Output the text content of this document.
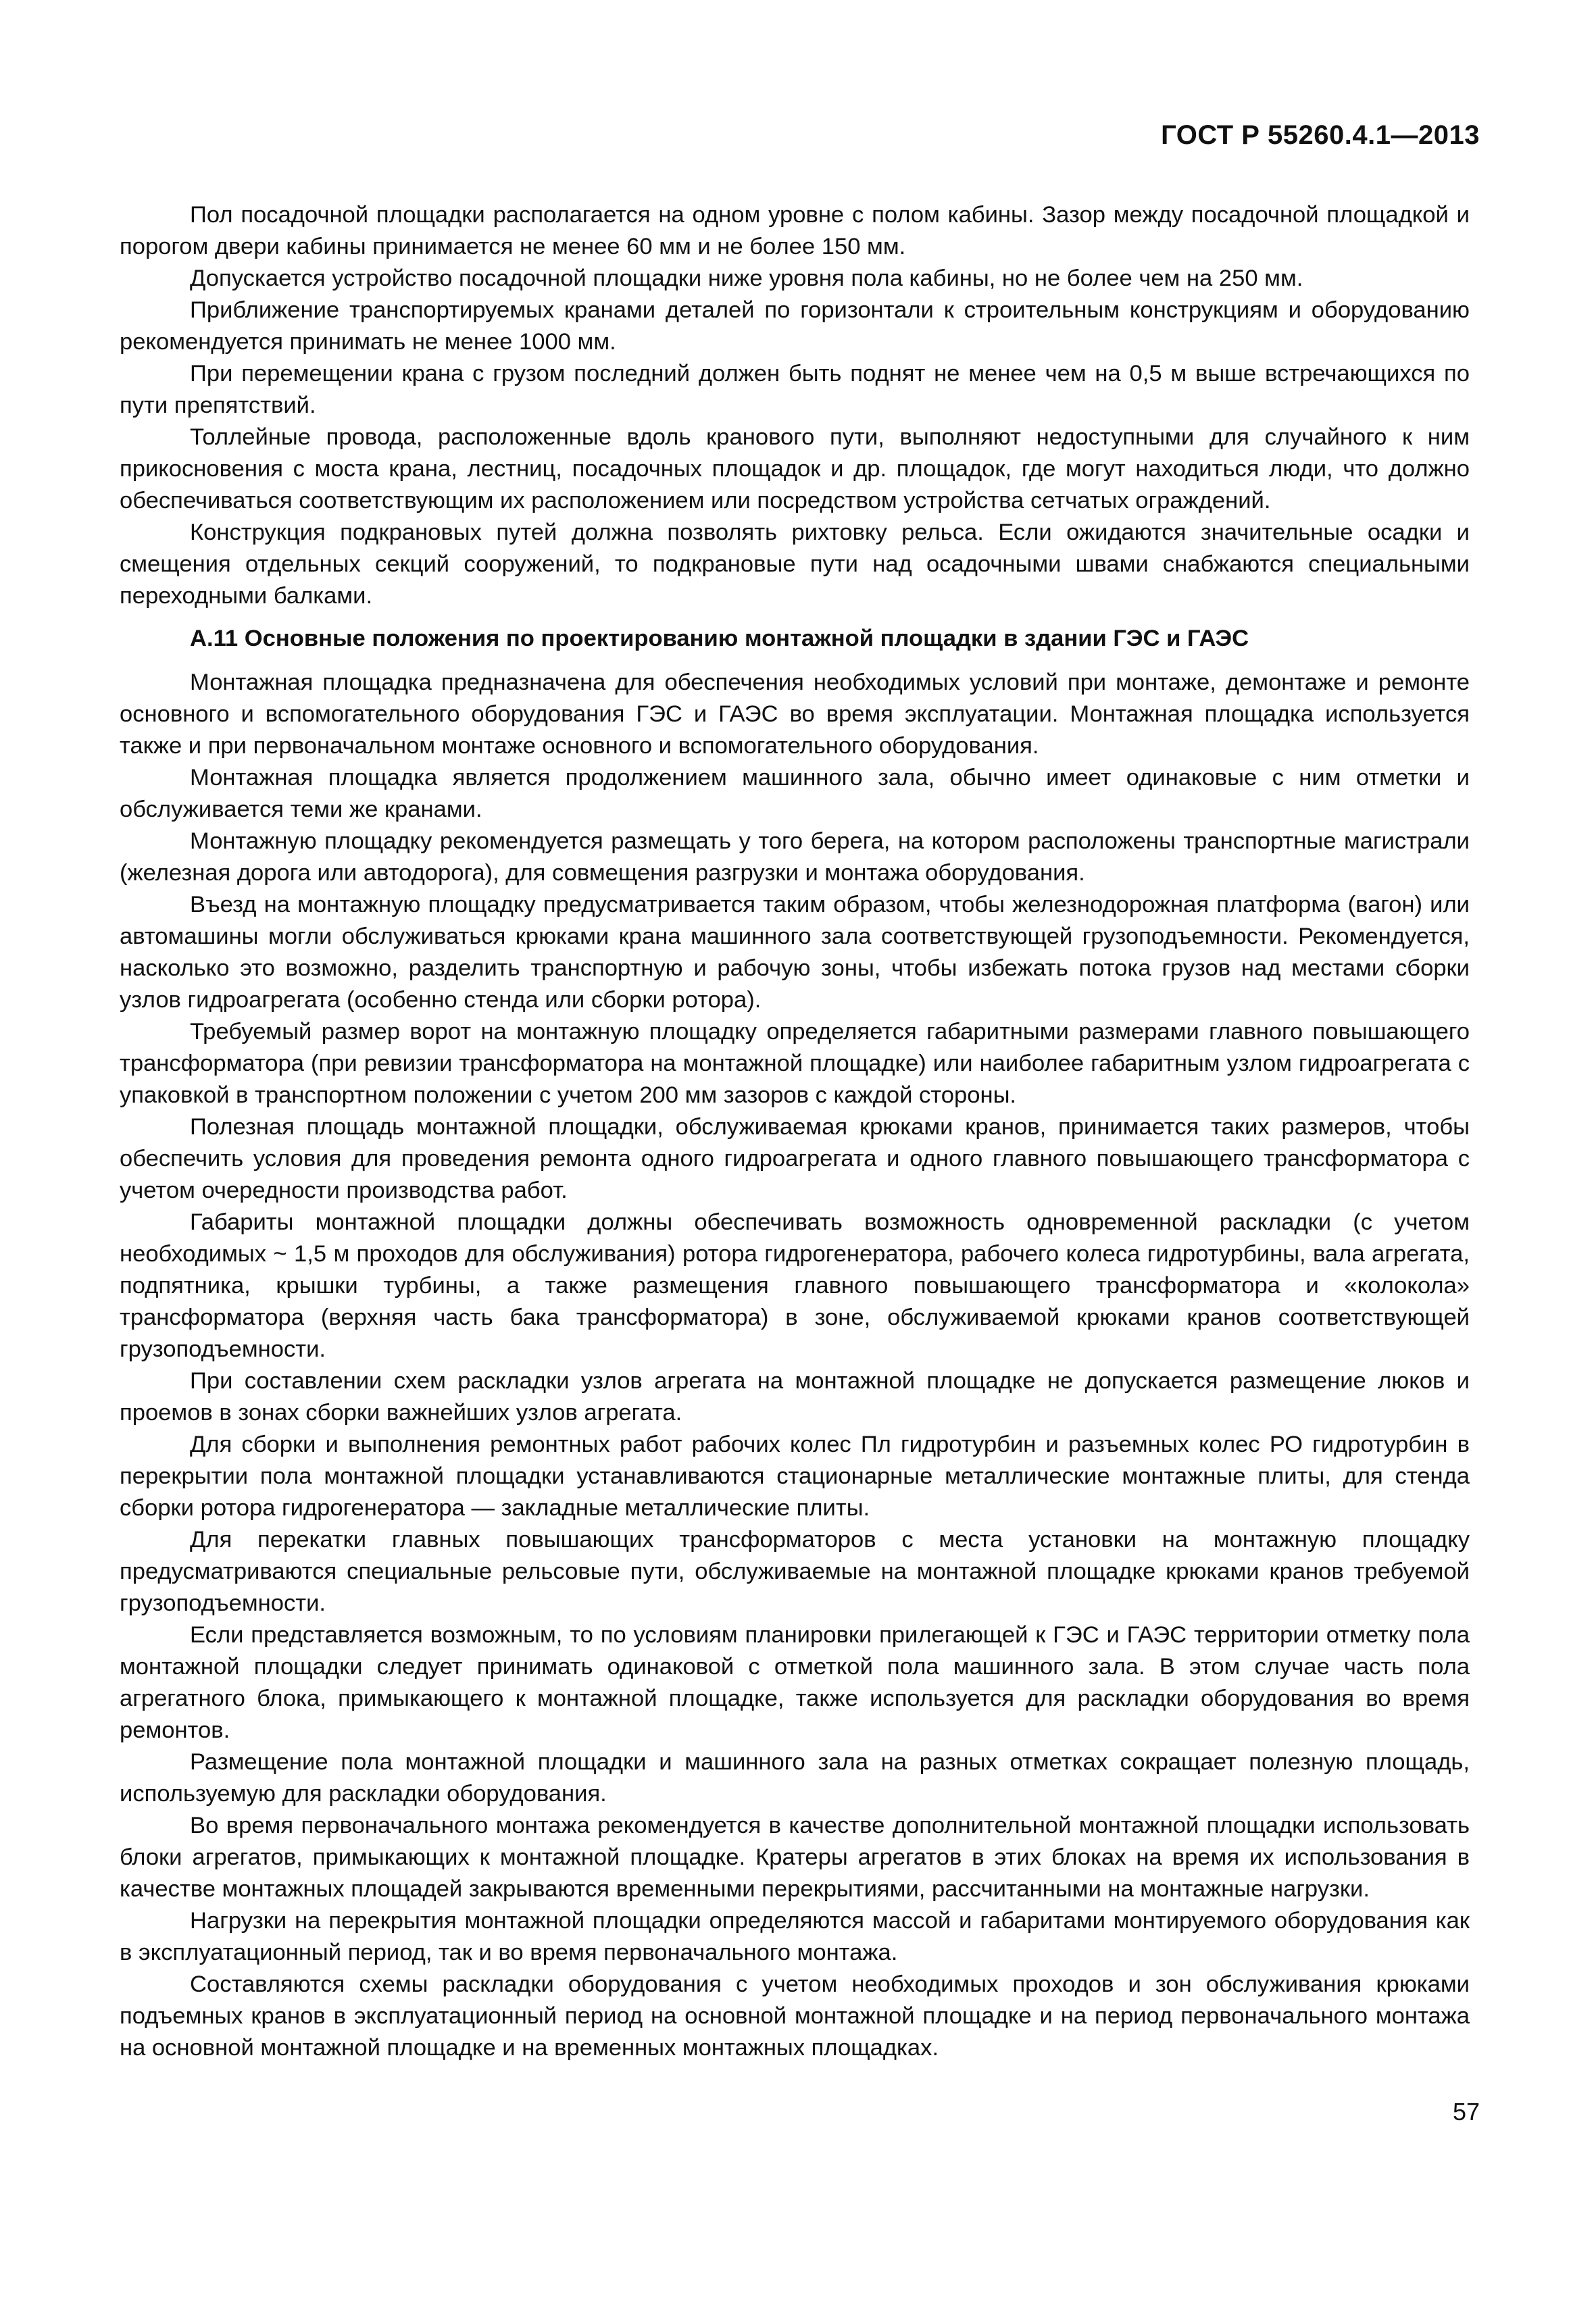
ГОСТ Р 55260.4.1—2013

Пол посадочной площадки располагается на одном уровне с полом кабины. Зазор между посадочной площадкой и порогом двери кабины принимается не менее 60 мм и не более 150 мм.

Допускается устройство посадочной площадки ниже уровня пола кабины, но не более чем на 250 мм.

Приближение транспортируемых кранами деталей по горизонтали к строительным конструкциям и оборудованию рекомендуется принимать не менее 1000 мм.

При перемещении крана с грузом последний должен быть поднят не менее чем на 0,5 м выше встречающихся по пути препятствий.

Толлейные провода, расположенные вдоль кранового пути, выполняют недоступными для случайного к ним прикосновения с моста крана, лестниц, посадочных площадок и др. площадок, где могут находиться люди, что должно обеспечиваться соответствующим их расположением или посредством устройства сетчатых ограждений.

Конструкция подкрановых путей должна позволять рихтовку рельса. Если ожидаются значительные осадки и смещения отдельных секций сооружений, то подкрановые пути над осадочными швами снабжаются специальными переходными балками.

А.11 Основные положения по проектированию монтажной площадки в здании ГЭС и ГАЭС

Монтажная площадка предназначена для обеспечения необходимых условий при монтаже, демонтаже и ремонте основного и вспомогательного оборудования ГЭС и ГАЭС во время эксплуатации. Монтажная площадка используется также и при первоначальном монтаже основного и вспомогательного оборудования.

Монтажная площадка является продолжением машинного зала, обычно имеет одинаковые с ним отметки и обслуживается теми же кранами.

Монтажную площадку рекомендуется размещать у того берега, на котором расположены транспортные магистрали (железная дорога или автодорога), для совмещения разгрузки и монтажа оборудования.

Въезд на монтажную площадку предусматривается таким образом, чтобы железнодорожная платформа (вагон) или автомашины могли обслуживаться крюками крана машинного зала соответствующей грузоподъемности. Рекомендуется, насколько это возможно, разделить транспортную и рабочую зоны, чтобы избежать потока грузов над местами сборки узлов гидроагрегата (особенно стенда или сборки ротора).

Требуемый размер ворот на монтажную площадку определяется габаритными размерами главного повышающего трансформатора (при ревизии трансформатора на монтажной площадке) или наиболее габаритным узлом гидроагрегата с упаковкой в транспортном положении с учетом 200 мм зазоров с каждой стороны.

Полезная площадь монтажной площадки, обслуживаемая крюками кранов, принимается таких размеров, чтобы обеспечить условия для проведения ремонта одного гидроагрегата и одного главного повышающего трансформатора с учетом очередности производства работ.

Габариты монтажной площадки должны обеспечивать возможность одновременной раскладки (с учетом необходимых ~ 1,5 м проходов для обслуживания) ротора гидрогенератора, рабочего колеса гидротурбины, вала агрегата, подпятника, крышки турбины, а также размещения главного повышающего трансформатора и «колокола» трансформатора (верхняя часть бака трансформатора) в зоне, обслуживаемой крюками кранов соответствующей грузоподъемности.

При составлении схем раскладки узлов агрегата на монтажной площадке не допускается размещение люков и проемов в зонах сборки важнейших узлов агрегата.

Для сборки и выполнения ремонтных работ рабочих колес Пл гидротурбин и разъемных колес РО гидротурбин в перекрытии пола монтажной площадки устанавливаются стационарные металлические монтажные плиты, для стенда сборки ротора гидрогенератора — закладные металлические плиты.

Для перекатки главных повышающих трансформаторов с места установки на монтажную площадку предусматриваются специальные рельсовые пути, обслуживаемые на монтажной площадке крюками кранов требуемой грузоподъемности.

Если представляется возможным, то по условиям планировки прилегающей к ГЭС и ГАЭС территории отметку пола монтажной площадки следует принимать одинаковой с отметкой пола машинного зала. В этом случае часть пола агрегатного блока, примыкающего к монтажной площадке, также используется для раскладки оборудования во время ремонтов.

Размещение пола монтажной площадки и машинного зала на разных отметках сокращает полезную площадь, используемую для раскладки оборудования.

Во время первоначального монтажа рекомендуется в качестве дополнительной монтажной площадки использовать блоки агрегатов, примыкающих к монтажной площадке. Кратеры агрегатов в этих блоках на время их использования в качестве монтажных площадей закрываются временными перекрытиями, рассчитанными на монтажные нагрузки.

Нагрузки на перекрытия монтажной площадки определяются массой и габаритами монтируемого оборудования как в эксплуатационный период, так и во время первоначального монтажа.

Составляются схемы раскладки оборудования с учетом необходимых проходов и зон обслуживания крюками подъемных кранов в эксплуатационный период на основной монтажной площадке и на период первоначального монтажа на основной монтажной площадке и на временных монтажных площадках.

57
